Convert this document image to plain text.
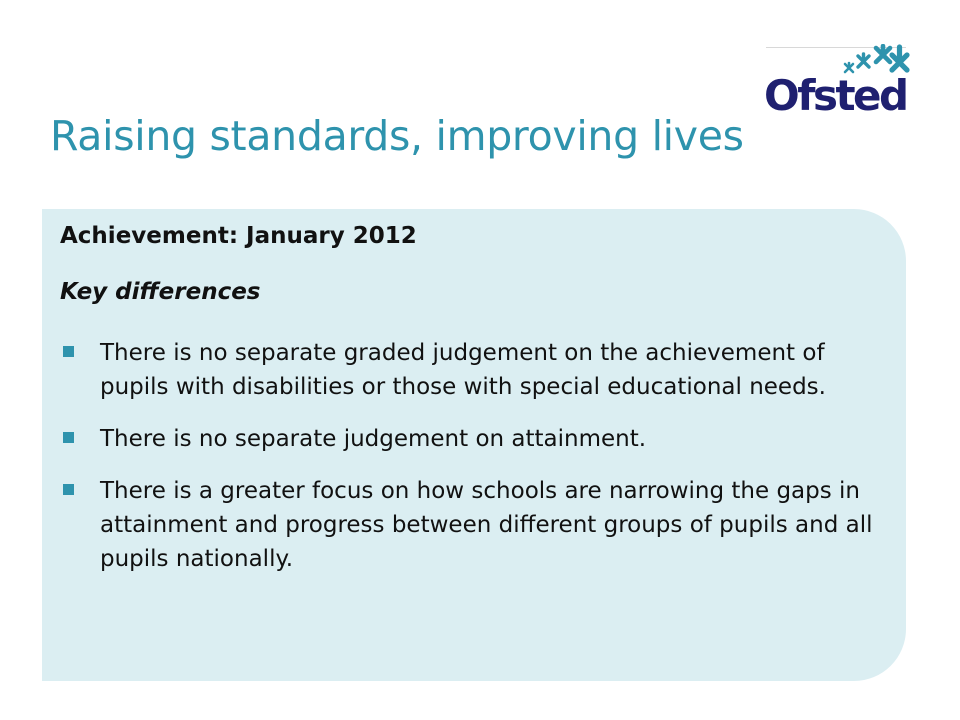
Ofsted
Raising standards, improving lives
Achievement: January 2012
Key differences
There is no separate graded judgement on the achievement of pupils with disabilities or those with special educational needs.
There is no separate judgement on attainment.
There is a greater focus on how schools are narrowing the gaps in attainment and progress between different groups of pupils and all pupils nationally.
